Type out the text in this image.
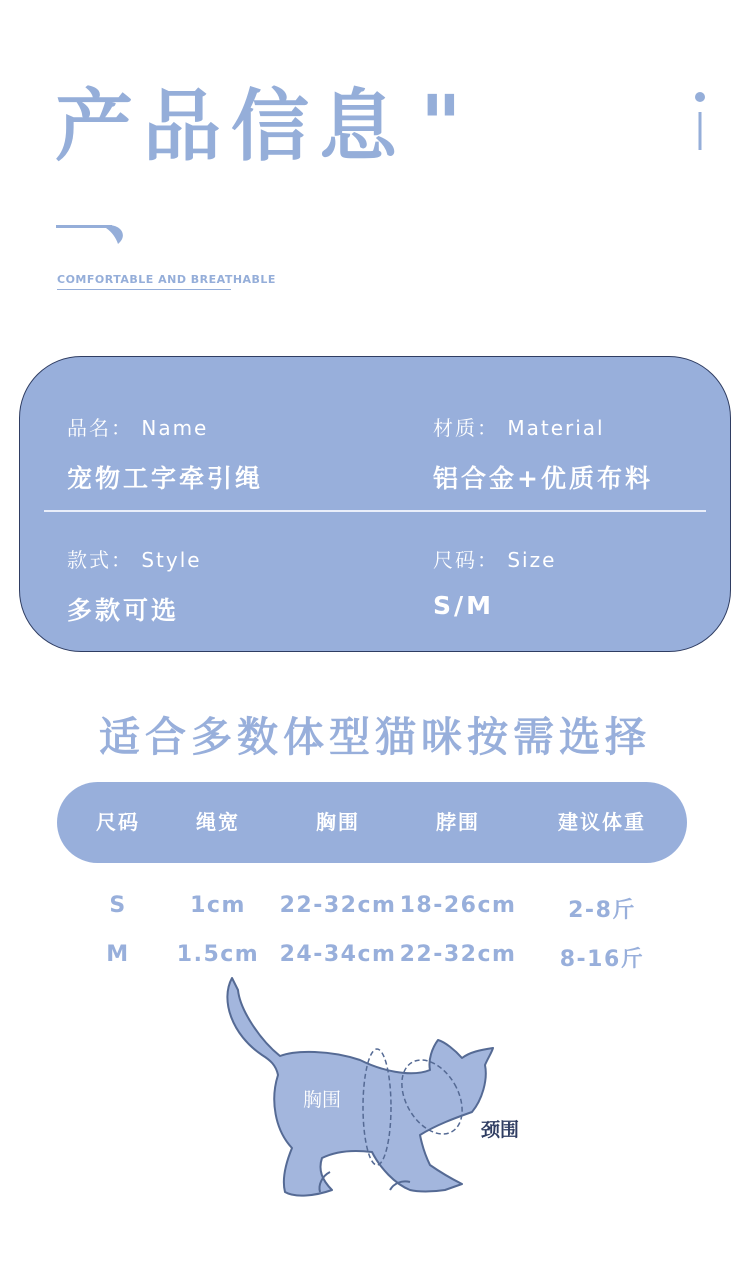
产品信息 "
COMFORTABLE AND BREATHABLE
品名： Name
宠物工字牵引绳
材质： Material
铝合金+优质布料
款式： Style
多款可选
尺码： Size
S/M
适合多数体型猫咪按需选择
尺码	绳宽	胸围	脖围	建议体重
S	1cm 22-32cm 18-26cm 2-8斤
M 1.5cm 24-34cm 22-32cm 8-16斤
胸围
颈围
